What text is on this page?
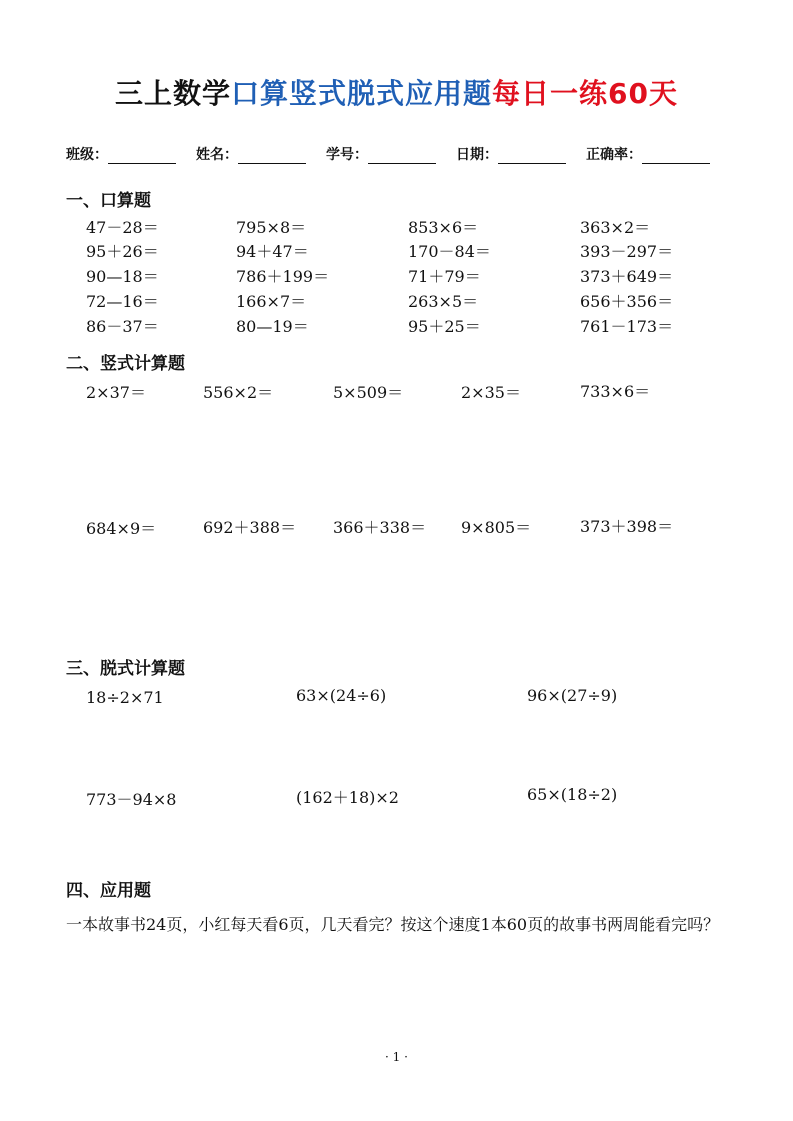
三上数学口算竖式脱式应用题每日一练60天
班级：	姓名：	学号：	日期：	正确率：
一、口算题
47－28＝	795×8＝	853×6＝	363×2＝
95＋26＝	94＋47＝	170－84＝	393－297＝
90—18＝	786＋199＝	71＋79＝	373＋649＝
72—16＝	166×7＝	263×5＝	656＋356＝
86－37＝	80—19＝	95＋25＝	761－173＝
二、竖式计算题
2×37＝	556×2＝	5×509＝	2×35＝	733×6＝
684×9＝	692＋388＝ 366＋338＝ 9×805＝	373＋398＝
三、脱式计算题
18÷2×71	63×(24÷6)	96×(27÷9)
773－94×8	(162＋18)×2	65×(18÷2)
四、应用题
一本故事书24页，小红每天看6页，几天看完？按这个速度1本60页的故事书两周能看完吗？
· 1 ·
